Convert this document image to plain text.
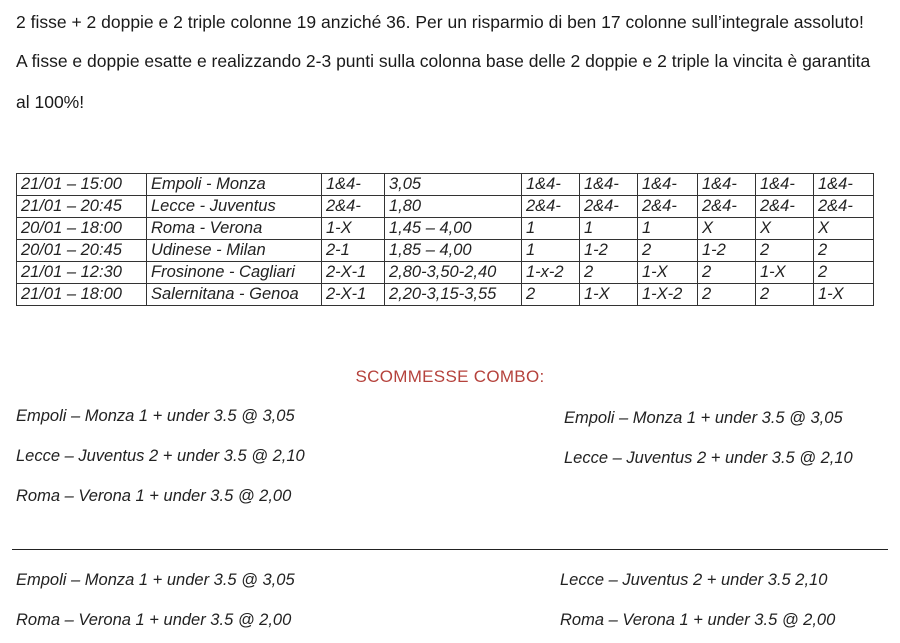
2 fisse + 2 doppie e 2 triple colonne 19 anziché 36. Per un risparmio di ben 17 colonne sull’integrale assoluto!
A fisse e doppie esatte e realizzando 2-3 punti sulla colonna base delle 2 doppie e 2 triple la vincita è garantita
al 100%!
21/01 – 15:00	Empoli - Monza	1&4-	3,05	1&4-	1&4-	1&4-	1&4-	1&4-	1&4-
21/01 – 20:45	Lecce - Juventus	2&4-	1,80	2&4-	2&4-	2&4-	2&4-	2&4-	2&4-
20/01 – 18:00	Roma - Verona	1-X	1,45 – 4,00	1	1	1	X	X	X
20/01 – 20:45	Udinese - Milan	2-1	1,85 – 4,00	1	1-2	2	1-2	2	2
21/01 – 12:30	Frosinone - Cagliari	2-X-1	2,80-3,50-2,40	1-x-2	2	1-X	2	1-X	2
21/01 – 18:00	Salernitana - Genoa	2-X-1	2,20-3,15-3,55	2	1-X	1-X-2	2	2	1-X
SCOMMESSE COMBO:
Empoli – Monza 1 + under 3.5 @ 3,05
Lecce – Juventus 2 + under 3.5 @ 2,10
Roma – Verona 1 + under 3.5 @ 2,00
Empoli – Monza 1 + under 3.5 @ 3,05
Lecce – Juventus 2 + under 3.5 @ 2,10
Empoli – Monza 1 + under 3.5 @ 3,05
Roma – Verona 1 + under 3.5 @ 2,00
Lecce – Juventus 2 + under 3.5 2,10
Roma – Verona 1 + under 3.5 @ 2,00
